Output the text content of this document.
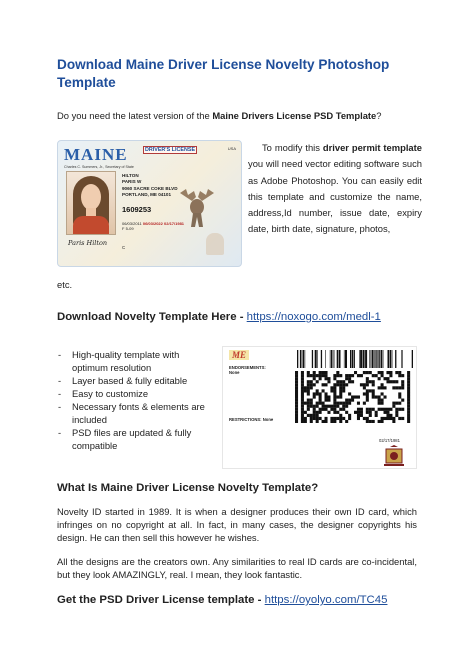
Download Maine Driver License Novelty Photoshop Template
Do you need the latest version of the Maine Drivers License PSD Template?
MAINE
Charles C. Summers, Jr., Secretary of State
DRIVER'S LICENSE	USA
HILTON
PARIS W
9060 SACRE COKE BLVD
PORTLAND, ME 04101
1609253
06/03/2011 06/03/2022 02/17/1981
F 5-09
Paris Hilton
C
To modify this driver permit template you will need vector editing software such as Adobe Photoshop. You can easily edit this template and customize the name, address,Id number, issue date, expiry date, birth date, signature, photos,
etc.
Download Novelty Template Here - https://noxogo.com/medl-1
- High-quality template with optimum resolution
- Layer based & fully editable
- Easy to customize
- Necessary fonts & elements are included
- PSD files are updated & fully compatible
ME
ENDORSEMENTS:
None
RESTRICTIONS: None
02/17/1981
What Is Maine Driver License Novelty Template?
Novelty ID started in 1989. It is when a designer produces their own ID card, which infringes on no copyright at all. In fact, in many cases, the designer copyrights his design. He can then sell this however he wishes.
All the designs are the creators own. Any similarities to real ID cards are co-incidental, but they look AMAZINGLY, real. I mean, they look fantastic.
Get the PSD Driver License template - https://oyolyo.com/TC45
